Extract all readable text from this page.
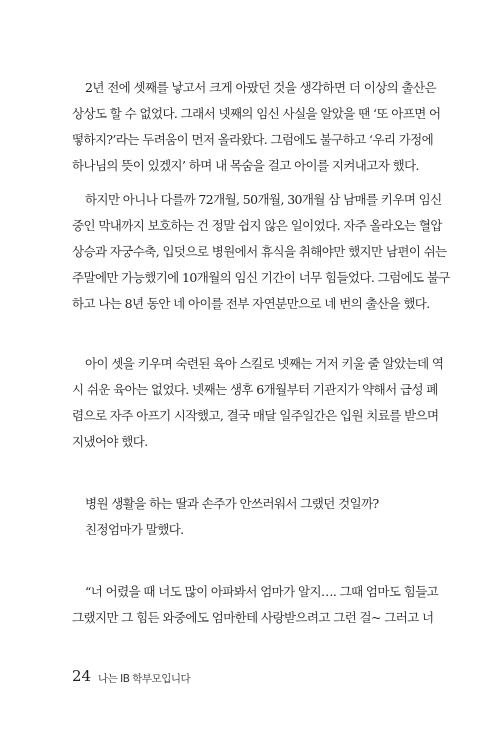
2년 전에 셋째를 낳고서 크게 아팠던 것을 생각하면 더 이상의 출산은
상상도 할 수 없었다. 그래서 넷째의 임신 사실을 알았을 땐 ‘또 아프면 어
떻하지?’라는 두려움이 먼저 올라왔다. 그럼에도 불구하고 ‘우리 가정에
하나님의 뜻이 있겠지’ 하며 내 목숨을 걸고 아이를 지켜내고자 했다.
하지만 아니나 다를까 72개월, 50개월, 30개월 삼 남매를 키우며 임신
중인 막내까지 보호하는 건 정말 쉽지 않은 일이었다. 자주 올라오는 혈압
상승과 자궁수축, 입덧으로 병원에서 휴식을 취해야만 했지만 남편이 쉬는
주말에만 가능했기에 10개월의 임신 기간이 너무 힘들었다. 그럼에도 불구
하고 나는 8년 동안 네 아이를 전부 자연분만으로 네 번의 출산을 했다.
아이 셋을 키우며 숙련된 육아 스킬로 넷째는 거저 키울 줄 알았는데 역
시 쉬운 육아는 없었다. 넷째는 생후 6개월부터 기관지가 약해서 급성 폐
렴으로 자주 아프기 시작했고, 결국 매달 일주일간은 입원 치료를 받으며
지냈어야 했다.
병원 생활을 하는 딸과 손주가 안쓰러워서 그랬던 것일까?
친정엄마가 말했다.
“너 어렸을 때 너도 많이 아파봐서 엄마가 알지…. 그때 엄마도 힘들고
그랬지만 그 힘든 와중에도 엄마한테 사랑받으려고 그런 걸~ 그러고 너
24 나는 IB 학부모입니다
